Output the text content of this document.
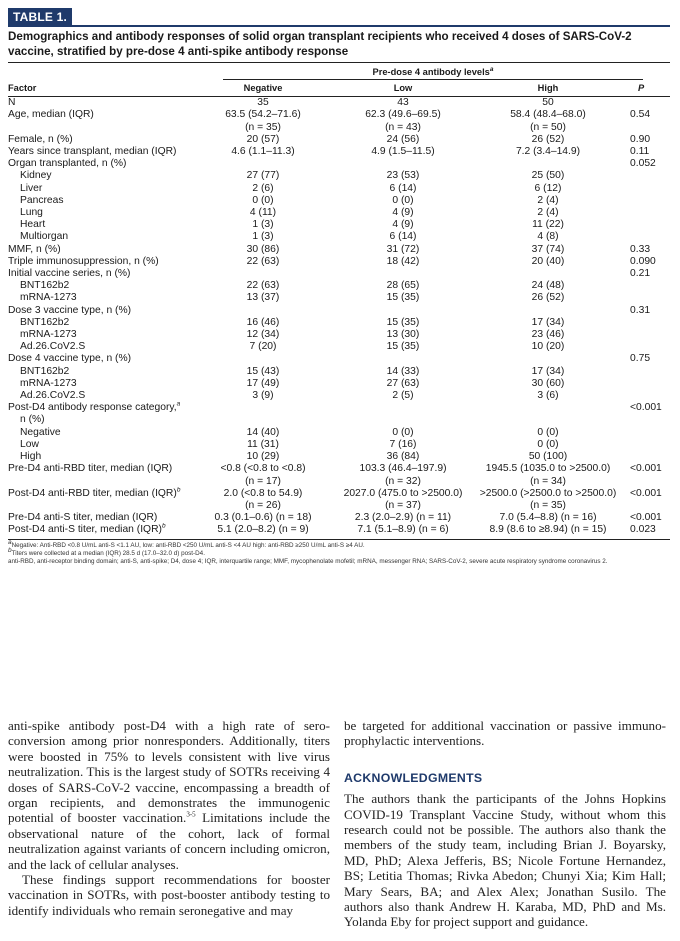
TABLE 1.
Demographics and antibody responses of solid organ transplant recipients who received 4 doses of SARS-CoV-2 vaccine, stratified by pre-dose 4 anti-spike antibody response
Pre-dose 4 antibody levels$^a$
Factor	Negative	Low	High	P
N	35	43	50	
Age, median (IQR)	63.5 (54.2–71.6)	62.3 (49.6–69.5)	58.4 (48.4–68.0)	0.54
	(n = 35)	(n = 43)	(n = 50)	
Female, n (%)	20 (57)	24 (56)	26 (52)	0.90
Years since transplant, median (IQR)	4.6 (1.1–11.3)	4.9 (1.5–11.5)	7.2 (3.4–14.9)	0.11
Organ transplanted, n (%)				0.052
Kidney	27 (77)	23 (53)	25 (50)	
Liver	2 (6)	6 (14)	6 (12)	
Pancreas	0 (0)	0 (0)	2 (4)	
Lung	4 (11)	4 (9)	2 (4)	
Heart	1 (3)	4 (9)	11 (22)	
Multiorgan	1 (3)	6 (14)	4 (8)	
MMF, n (%)	30 (86)	31 (72)	37 (74)	0.33
Triple immunosuppression, n (%)	22 (63)	18 (42)	20 (40)	0.090
Initial vaccine series, n (%)				0.21
BNT162b2	22 (63)	28 (65)	24 (48)	
mRNA-1273	13 (37)	15 (35)	26 (52)	
Dose 3 vaccine type, n (%)				0.31
BNT162b2	16 (46)	15 (35)	17 (34)	
mRNA-1273	12 (34)	13 (30)	23 (46)	
Ad.26.CoV2.S	7 (20)	15 (35)	10 (20)	
Dose 4 vaccine type, n (%)				0.75
BNT162b2	15 (43)	14 (33)	17 (34)	
mRNA-1273	17 (49)	27 (63)	30 (60)	
Ad.26.CoV2.S	3 (9)	2 (5)	3 (6)	
Post-D4 antibody response category,$^a$				<0.001
n (%)				
Negative	14 (40)	0 (0)	0 (0)	
Low	11 (31)	7 (16)	0 (0)	
High	10 (29)	36 (84)	50 (100)	
Pre-D4 anti-RBD titer, median (IQR)	<0.8 (<0.8 to <0.8)	103.3 (46.4–197.9)	1945.5 (1035.0 to >2500.0)	<0.001
	(n = 17)	(n = 32)	(n = 34)	
Post-D4 anti-RBD titer, median (IQR)$^b$	2.0 (<0.8 to 54.9)	2027.0 (475.0 to >2500.0)	>2500.0 (>2500.0 to >2500.0)	<0.001
	(n = 26)	(n = 37)	(n = 35)	
Pre-D4 anti-S titer, median (IQR)	0.3 (0.1–0.6) (n = 18)	2.3 (2.0–2.9) (n = 11)	7.0 (5.4–8.8) (n = 16)	<0.001
Post-D4 anti-S titer, median (IQR)$^b$	5.1 (2.0–8.2) (n = 9)	7.1 (5.1–8.9) (n = 6)	8.9 (8.6 to ≥8.94) (n = 15)	0.023
aNegative: Anti-RBD <0.8 U/mL anti-S <1.1 AU, low: anti-RBD <250 U/mL anti-S <4 AU high: anti-RBD ≥250 U/mL anti-S ≥4 AU.
bTiters were collected at a median (IQR) 28.5 d (17.0–32.0 d) post-D4.
anti-RBD, anti-receptor binding domain; anti-S, anti-spike; D4, dose 4; IQR, interquartile range; MMF, mycophenolate mofetil; mRNA, messenger RNA; SARS-CoV-2, severe acute respiratory syndrome coronavirus 2.

anti-spike antibody post-D4 with a high rate of sero-conversion among prior nonresponders. Additionally, titers were boosted in 75% to levels consistent with live virus neutralization. This is the largest study of SOTRs receiving 4 doses of SARS-CoV-2 vaccine, encompassing a breadth of organ recipients, and demonstrates the immunogenic potential of booster vaccination.$^{3-5}$ Limitations include the observational nature of the cohort, lack of formal neutralization against variants of concern including omicron, and the lack of cellular analyses.

These findings support recommendations for booster vaccination in SOTRs, with post-booster antibody testing to identify individuals who remain seronegative and may

be targeted for additional vaccination or passive immuno-prophylactic interventions.

ACKNOWLEDGMENTS

The authors thank the participants of the Johns Hopkins COVID-19 Transplant Vaccine Study, without whom this research could not be possible. The authors also thank the members of the study team, including Brian J. Boyarsky, MD, PhD; Alexa Jefferis, BS; Nicole Fortune Hernandez, BS; Letitia Thomas; Rivka Abedon; Chunyi Xia; Kim Hall; Mary Sears, BA; and Alex Alex; Jonathan Susilo. The authors also thank Andrew H. Karaba, MD, PhD and Ms. Yolanda Eby for project support and guidance.
